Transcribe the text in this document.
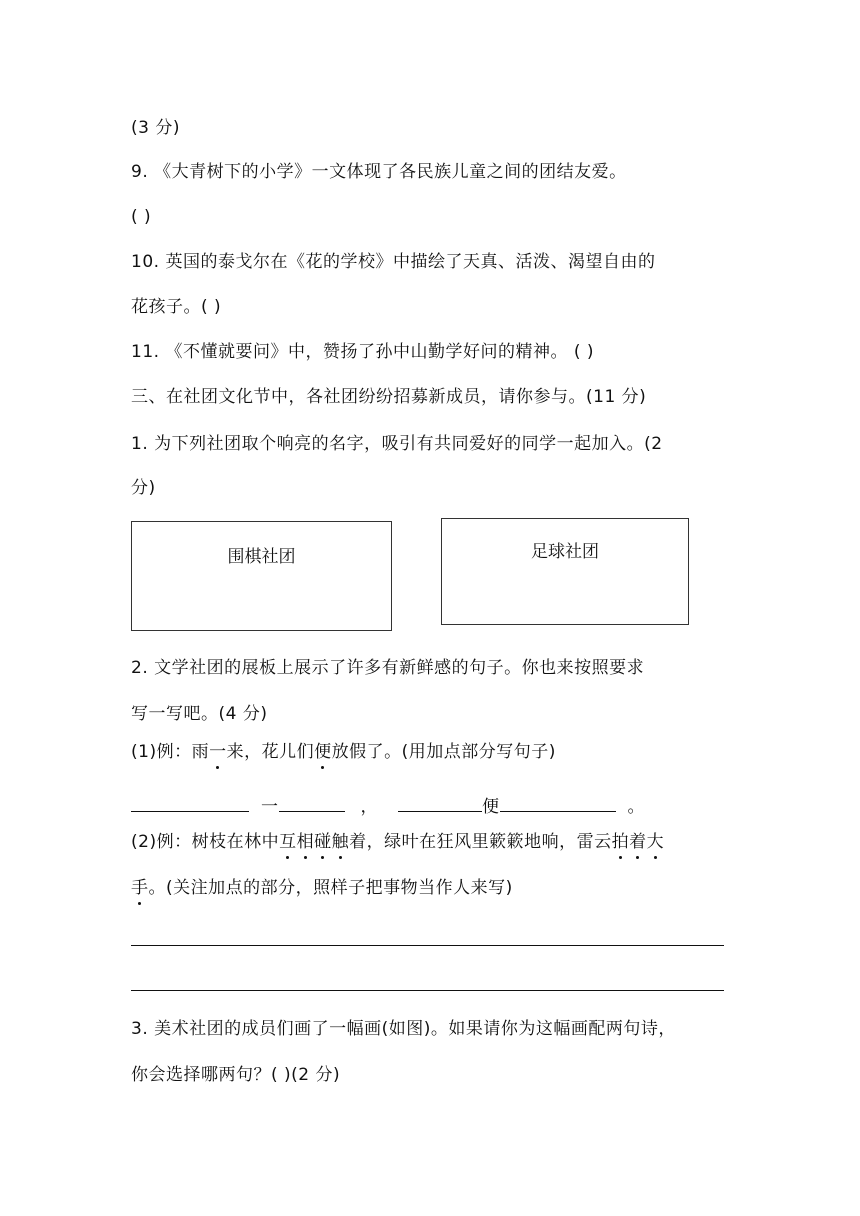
(3 分)
9. 《大青树下的小学》一文体现了各民族儿童之间的团结友爱。
( )
10. 英国的泰戈尔在《花的学校》中描绘了天真、活泼、渴望自由的
花孩子。( )
11. 《不懂就要问》中，赞扬了孙中山勤学好问的精神。 ( )
三、在社团文化节中，各社团纷纷招募新成员，请你参与。(11 分)
1. 为下列社团取个响亮的名字，吸引有共同爱好的同学一起加入。(2
分)
围棋社团	足球社团
2. 文学社团的展板上展示了许多有新鲜感的句子。你也来按照要求
写一写吧。(4 分)
(1)例：雨一来，花儿们便放假了。(用加点部分写句子)
一	，	便	。
(2)例：树枝在林中互相碰触着，绿叶在狂风里簌簌地响，雷云拍着大
手。(关注加点的部分，照样子把事物当作人来写)
3. 美术社团的成员们画了一幅画(如图)。如果请你为这幅画配两句诗，
你会选择哪两句？( )(2 分)
